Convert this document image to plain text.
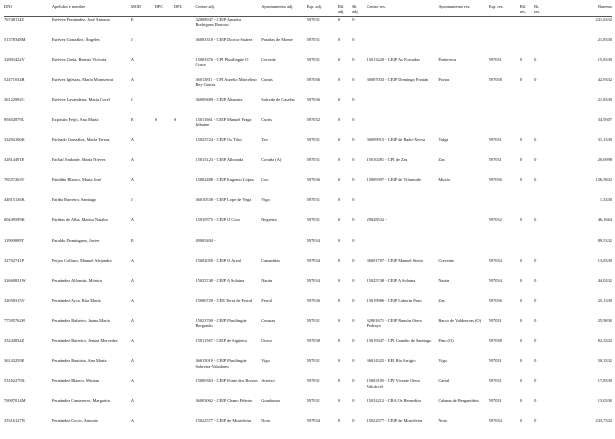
DNI	Apelidos e nombre	MOD	DPC	DPL	Centro adj.	Ayuntamiento adj.	Esp. adj.	Bil. adj.	Bi. adj.	Centro res.	Ayuntamiento res.	Esp. res.	Bil. res.	Bi. res.	Baremo
76748114Z	Estévez Fernández, José Antonio	E			32008947 - CEIP Amador Rodriguez Barroso		597031	0	0						231,6332
51378348M	Estévez González, Ángeles	J			36003318 - CEIP Doctor Suárez	Paradas de Monte	597031	0	0						21,8330
32803422V	Estévez Grela, Beatriz Victoria	A			15003376 - CPI Plurilingüe O Cruce	Cerceda	597031	0	0	15013220 - CEIP As Forcadas	Pontevera	597031	0	0	15,8330
52471034R	Estévez Iglesias, María Montserrat	A			36015811 - CPI Aurelio Marcelino Rey García	Cuntis	597036	0	0	36007033 - CEIP Domingo Fontán	Portas	597038	0	0	42,9332
36122992C	Estévez Lavandeira, María Corel	J			36009489 - CEIP Altamira	Salceda de Caselas	597036	0	0						21,8330
09402879L	Expósito Feijó, Ana María	E	S	S	15011661 - CEIP Manuel Fraga Iribarne	Curtis	597032	0	0						34,9507
33294106K	Fachado González, María Teresa	A			15025724 - CEIP Os Tilos	Teo	597031	0	0	36009915 - CEIP de Baño-Xeora	Valga	597031	0	0	31,1330
32814491E	Fachal Andrade, María Nieves	A			15015123 - CEIP Alborada	Coruña (A)	597031	0	0	15010281 - CPI de Zas	Zas	597031	0	0	20,6998
76557263T	Fandiño Blanco, María José	A			15002488 - CEIP Eugenio López	Coo	597036	0	0	15009397 - CEIP de Vilarmide	Muxía	597036	0	0	156,5832
44815136K	Fariña Barreiro, Santiago	J			36010538 - CEIP Lope de Vega	Vigo	597031	0	0						1,3330
00449599K	Fariñas de Alba, Marisa Natalia	A			15010575 - CEIP O Coto	Negreira	597031	0	0	29028532 -		597032	0	0	46,1664
11990809T	Faraldo Domínguez, Javier	E			49005404 -		597034	0	0						89,5332
32792741P	Feijoo Collazo, Manuel Alejandro	A			15002050 - CEIP O Areal	Camariñas	597034	0	0	36001707 - CEIP Manuel Sieiro	Crecente	597034	0	0	13,8330
32660831W	Fernández Alfonsín, Mónica	A			15025748 - CEIP A Solaina	Narón	597034	0	0	15025748 - CEIP A Solaina	Narón	597034	0	0	44,0332
32658315V	Fernández Arca, Rita María	A			15006729 - CEE Terra de Ferrol	Ferrol	597036	0	0	15019986 - CEIP Laborín Pazo	Zas	597036	0	0	25,1330
77595762H	Fernández Balseiro, Juana María	A			15023700 - CEIP Plurilingüe Bergondo	Cesuras	597031	0	0	32001671 - CEIP Ramón Otero Pedrayo	Barco de Valdeorras (O)	597031	0	0	25,9830
33244834Z	Fernández Barreiro, Jenara Mercedes	A			15011567 - CEIP de Sigüeiro	Oroso	597038	0	0	15019347 - CPI Camiño de Santiago	Pino (O)	597038	0	0	82,3332
36143259E	Fernández Bautista, Ana María	A			36015010 - CEIP Plurilingüe Sobreira-Valadares	Vigo	597031	0	0	36014325 - EEI Ría Arrigio	Vigo	597031	0	0	50,3332
53162279X	Fernández Blanco, Miriam	A			15000363 - CEIP Ponte dos Brozos	Arteixo	597031	0	0	15003105 - CPI Vicente Otero Valcárcel	Carral	597031	0	0	17,8330
76907014M	Fernández Cameserro, Margarita	A			36003062 - CEIP Chano Piñeiro	Gondomar	597031	0	0	15032212 - CRA Os Remedios	Cabana de Bergantiños	597031	0	0	13,0330
33316127N	Fernández Cocio, Antonio	A			15022577 - CEIP de Mosteleira	Noia	597034	0	0	15022577 - CEIP de Mosteleira	Noia	597034	0	0	233,7332
